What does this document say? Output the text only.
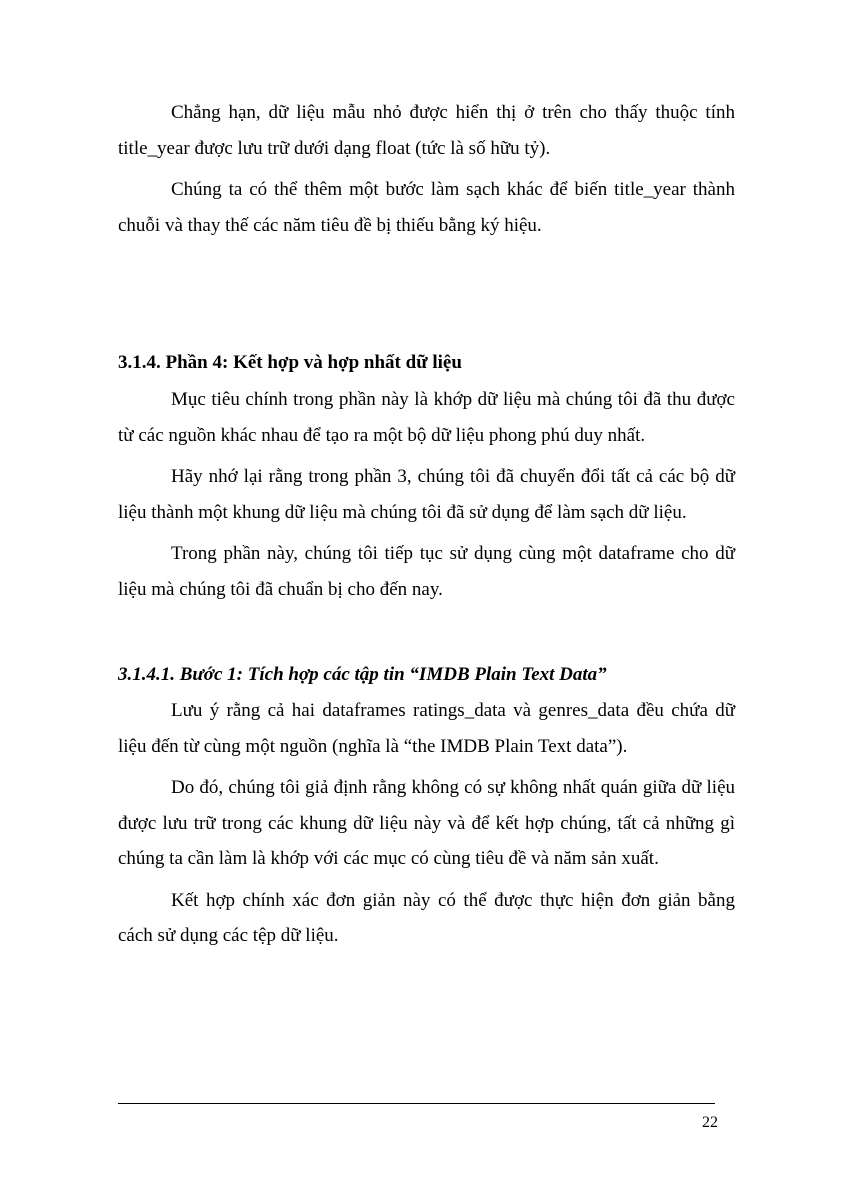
Chẳng hạn, dữ liệu mẫu nhỏ được hiển thị ở trên cho thấy thuộc tính title_year được lưu trữ dưới dạng float (tức là số hữu tỷ).

Chúng ta có thể thêm một bước làm sạch khác để biến title_year thành chuỗi và thay thế các năm tiêu đề bị thiếu bằng ký hiệu.

3.1.4. Phần 4: Kết hợp và hợp nhất dữ liệu

Mục tiêu chính trong phần này là khớp dữ liệu mà chúng tôi đã thu được từ các nguồn khác nhau để tạo ra một bộ dữ liệu phong phú duy nhất.

Hãy nhớ lại rằng trong phần 3, chúng tôi đã chuyển đổi tất cả các bộ dữ liệu thành một khung dữ liệu mà chúng tôi đã sử dụng để làm sạch dữ liệu.

Trong phần này, chúng tôi tiếp tục sử dụng cùng một dataframe cho dữ liệu mà chúng tôi đã chuẩn bị cho đến nay.

3.1.4.1. Bước 1: Tích hợp các tập tin “IMDB Plain Text Data”

Lưu ý rằng cả hai dataframes ratings_data và genres_data đều chứa dữ liệu đến từ cùng một nguồn (nghĩa là “the IMDB Plain Text data”).

Do đó, chúng tôi giả định rằng không có sự không nhất quán giữa dữ liệu được lưu trữ trong các khung dữ liệu này và để kết hợp chúng, tất cả những gì chúng ta cần làm là khớp với các mục có cùng tiêu đề và năm sản xuất.

Kết hợp chính xác đơn giản này có thể được thực hiện đơn giản bằng cách sử dụng các tệp dữ liệu.

22
